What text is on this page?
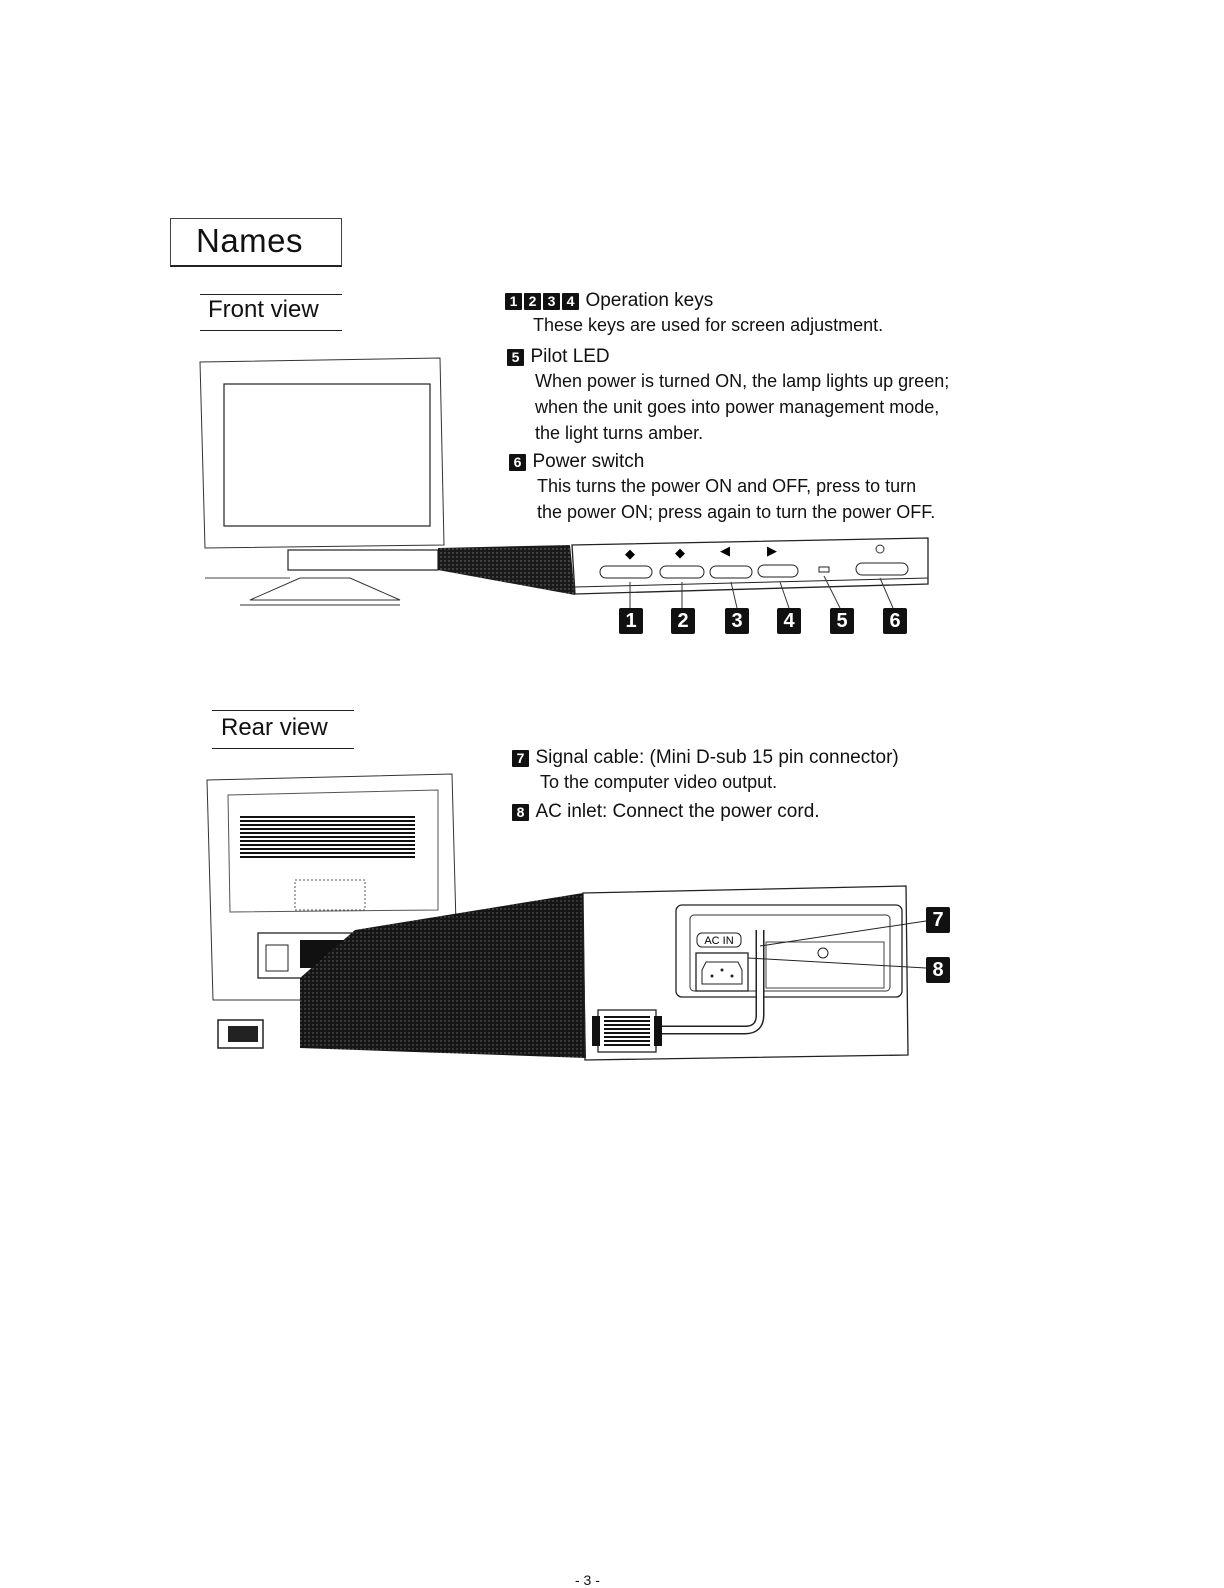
Names
Front view	1 2 3 4 Operation keys
These keys are used for screen adjustment.
5 Pilot LED
When power is turned ON, the lamp lights up green;
when the unit goes into power management mode,
the light turns amber.
6 Power switch
This turns the power ON and OFF, press to turn
the power ON; press again to turn the power OFF.
◆	◆	◀	▶
1	2	3	4	5	6
Rear view
7 Signal cable: (Mini D-sub 15 pin connector)
To the computer video output.
8 AC inlet: Connect the power cord.
AC IN
7
8
- 3 -
